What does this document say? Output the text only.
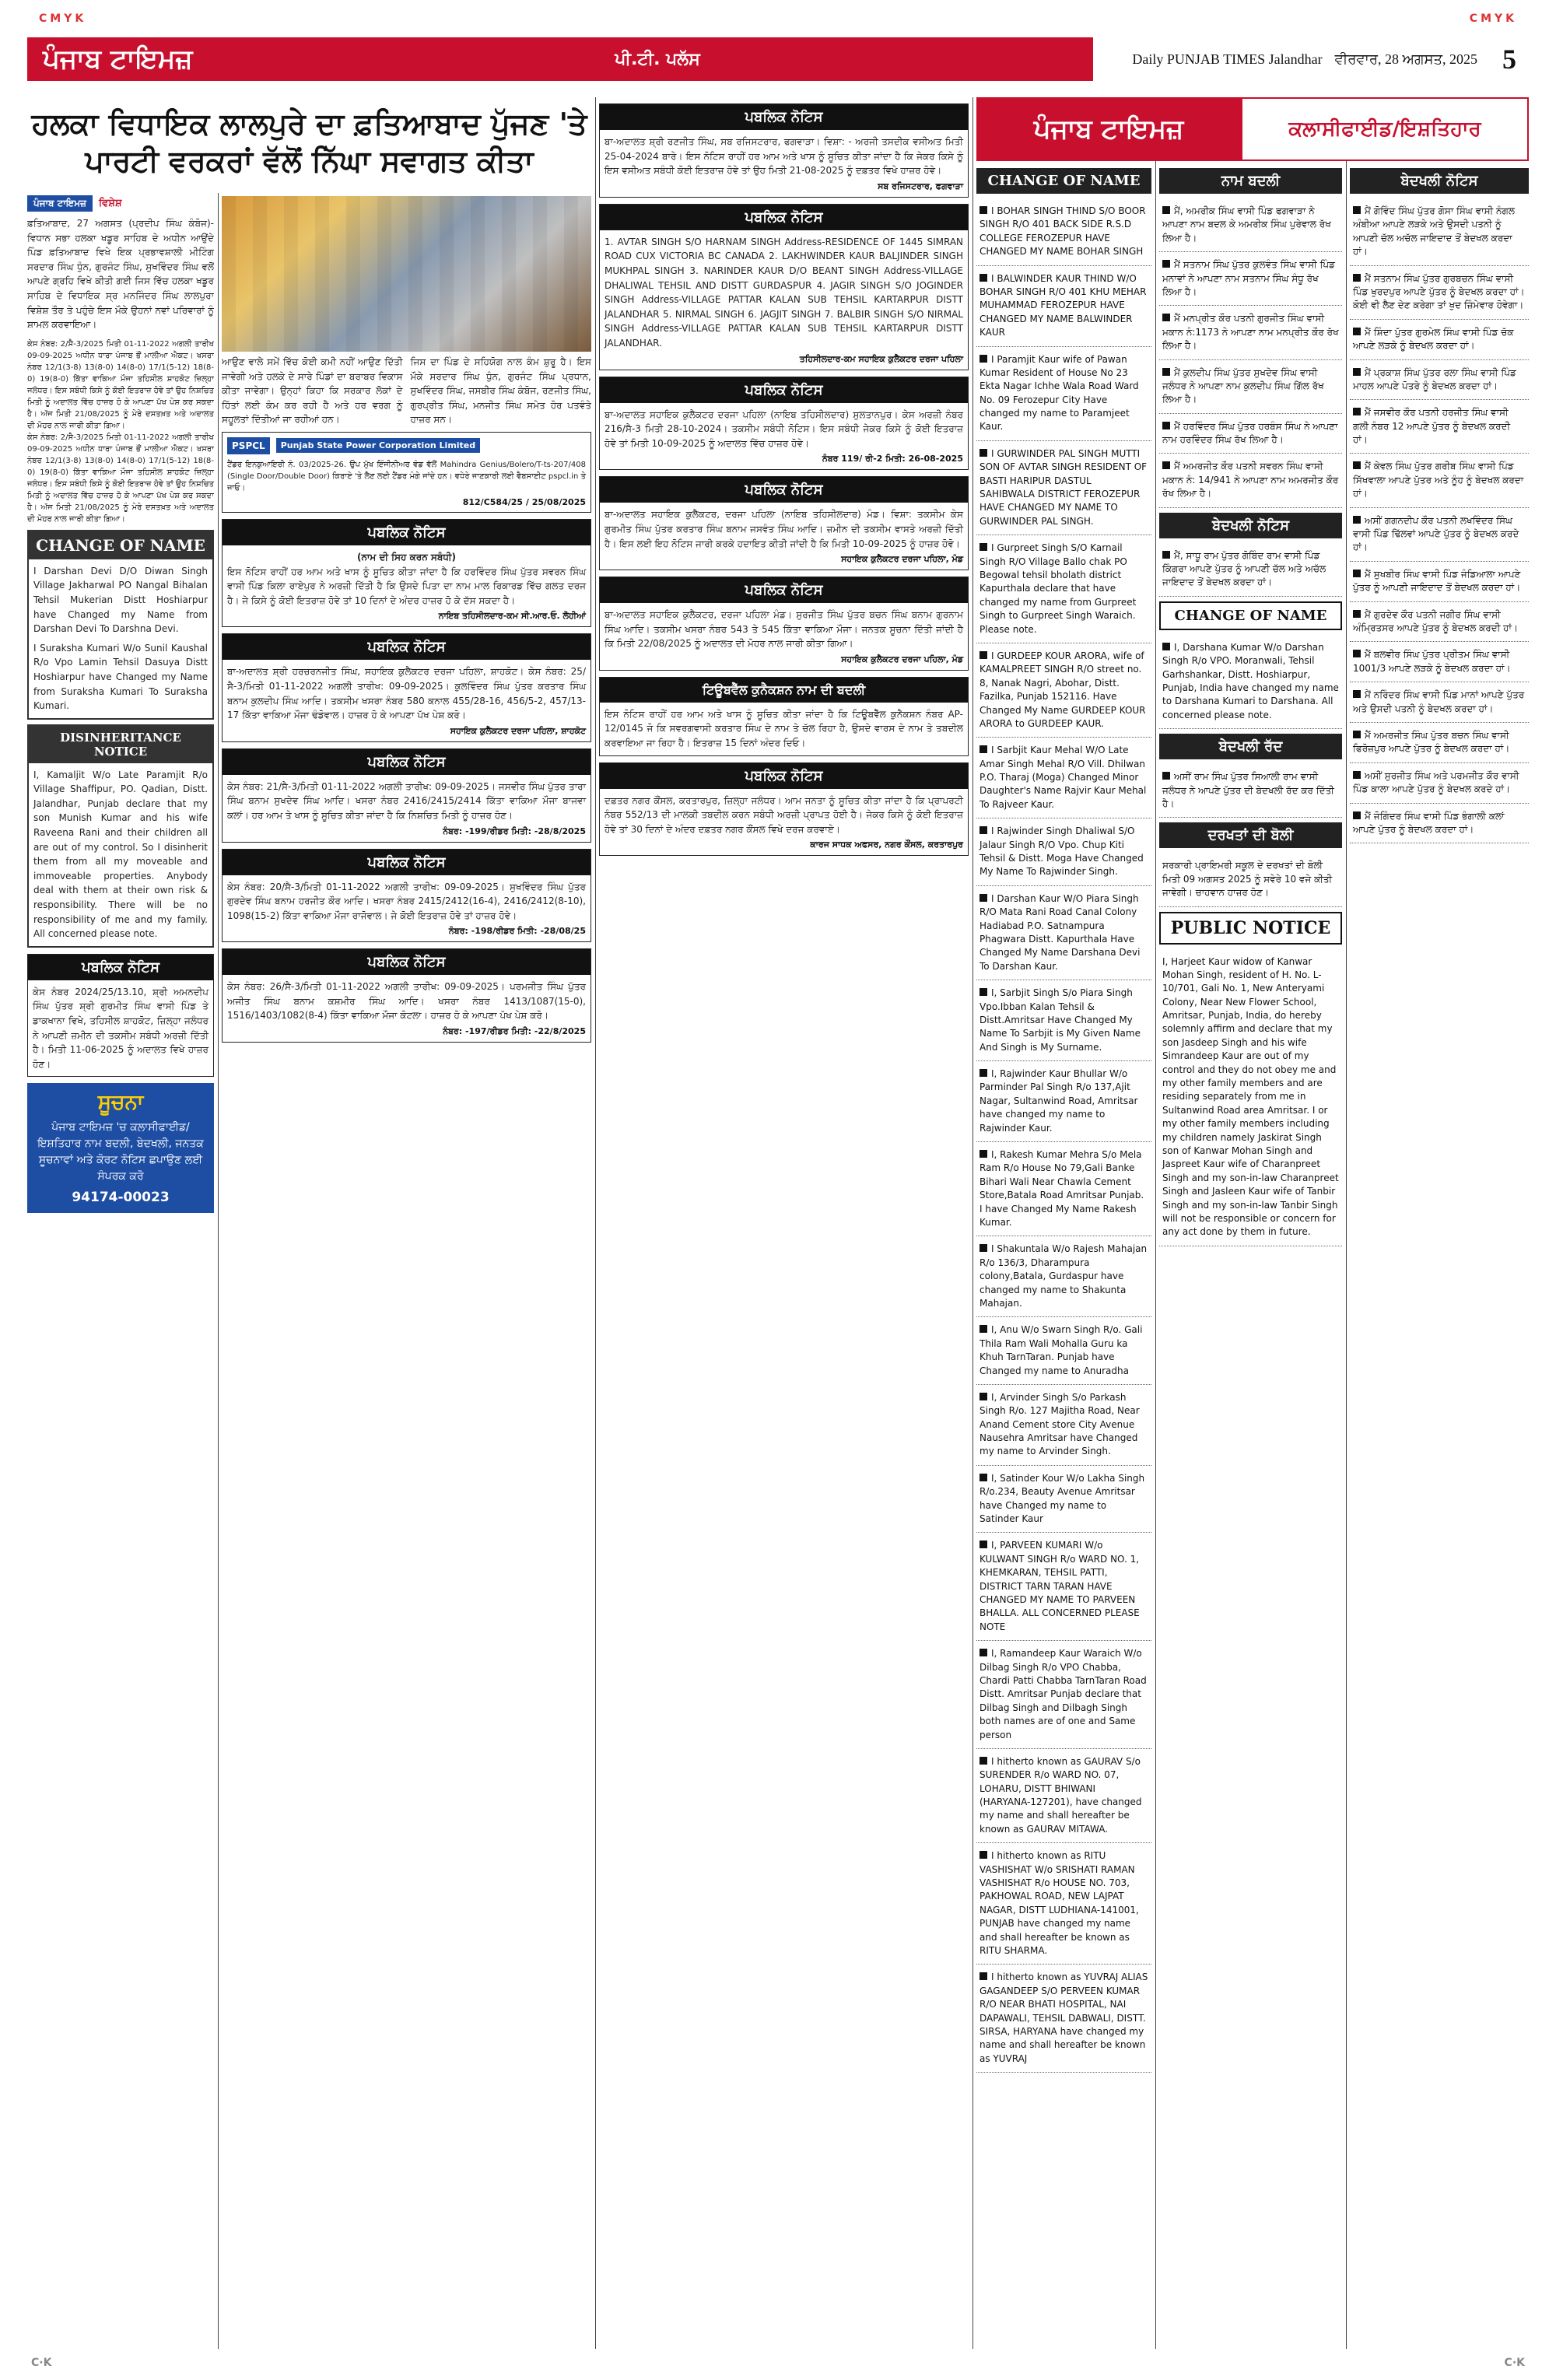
CMYK	CMYK
ਪੰਜਾਬ ਟਾਇਮਜ਼	ਪੀ.ਟੀ. ਪਲੱਸ	Daily PUNJAB TIMES Jalandhar ਵੀਰਵਾਰ, 28 ਅਗਸਤ, 2025 5
ਹਲਕਾ ਵਿਧਾਇਕ ਲਾਲਪੁਰੇ ਦਾ ਫ਼ਤਿਆਬਾਦ ਪੁੱਜਣ 'ਤੇ ਪਾਰਟੀ ਵਰਕਰਾਂ ਵੱਲੋਂ ਨਿੱਘਾ ਸਵਾਗਤ ਕੀਤਾ
ਪੰਜਾਬ ਟਾਇਮਜ਼	ਵਿਸ਼ੇਸ਼

ਫ਼ਤਿਆਬਾਦ, 27 ਅਗਸਤ (ਪ੍ਰਦੀਪ ਸਿੰਘ ਕੰਬੋਜ)- ਵਿਧਾਨ ਸਭਾ ਹਲਕਾ ਖਡੂਰ ਸਾਹਿਬ ਦੇ ਅਧੀਨ ਆਉਂਦੇ ਪਿੰਡ ਫ਼ਤਿਆਬਾਦ ਵਿਖੇ ਇਕ ਪ੍ਰਭਾਵਸ਼ਾਲੀ ਮੀਟਿੰਗ ਸਰਦਾਰ ਸਿੰਘ ਧੁੰਨ, ਗੁਰਜੰਟ ਸਿੰਘ, ਸੁਖਵਿੰਦਰ ਸਿੰਘ ਵਲੋਂ ਆਪਣੇ ਗ੍ਰਹਿ ਵਿਖੇ ਕੀਤੀ ਗਈ ਜਿਸ ਵਿੱਚ ਹਲਕਾ ਖਡੂਰ ਸਾਹਿਬ ਦੇ ਵਿਧਾਇਕ ਸ੍ਰ ਮਨਜਿੰਦਰ ਸਿੰਘ ਲਾਲਪੁਰਾ ਵਿਸ਼ੇਸ਼ ਤੌਰ ਤੇ ਪਹੁੰਚੇ ਇਸ ਮੌਕੇ ਉਹਨਾਂ ਨਵਾਂ ਪਰਿਵਾਰਾਂ ਨੂੰ ਸ਼ਾਮਲ ਕਰਵਾਇਆ।

ਕੇਸ ਨੰਬਰ: 2/ਸੈ-3/2025 ਮਿਤੀ 01-11-2022 ਅਗਲੀ ਤਾਰੀਖ 09-09-2025 ਅਧੀਨ ਧਾਰਾ ਪੰਜਾਬ ਭੌਂ ਮਾਲੀਆ ਐਕਟ। ਖਸਰਾ ਨੰਬਰ 12/1(3-8) 13(8-0) 14(8-0) 17/1(5-12) 18(8-0) 19(8-0) ਕਿੱਤਾ ਵਾਕਿਆ ਮੌਜਾ ਤਹਿਸੀਲ ਸ਼ਾਹਕੋਟ ਜ਼ਿਲ੍ਹਾ ਜਲੰਧਰ। ਇਸ ਸਬੰਧੀ ਕਿਸੇ ਨੂੰ ਕੋਈ ਇਤਰਾਜ਼ ਹੋਵੇ ਤਾਂ ਉਹ ਨਿਸ਼ਚਿਤ ਮਿਤੀ ਨੂੰ ਅਦਾਲਤ ਵਿੱਚ ਹਾਜ਼ਰ ਹੋ ਕੇ ਆਪਣਾ ਪੱਖ ਪੇਸ਼ ਕਰ ਸਕਦਾ ਹੈ। ਅੱਜ ਮਿਤੀ 21/08/2025 ਨੂੰ ਮੇਰੇ ਦਸਤਖ਼ਤ ਅਤੇ ਅਦਾਲਤ ਦੀ ਮੋਹਰ ਨਾਲ ਜਾਰੀ ਕੀਤਾ ਗਿਆ।

ਕੇਸ ਨੰਬਰ: 2/ਸੈ-3/2025 ਮਿਤੀ 01-11-2022 ਅਗਲੀ ਤਾਰੀਖ 09-09-2025 ਅਧੀਨ ਧਾਰਾ ਪੰਜਾਬ ਭੌਂ ਮਾਲੀਆ ਐਕਟ। ਖਸਰਾ ਨੰਬਰ 12/1(3-8) 13(8-0) 14(8-0) 17/1(5-12) 18(8-0) 19(8-0) ਕਿੱਤਾ ਵਾਕਿਆ ਮੌਜਾ ਤਹਿਸੀਲ ਸ਼ਾਹਕੋਟ ਜ਼ਿਲ੍ਹਾ ਜਲੰਧਰ। ਇਸ ਸਬੰਧੀ ਕਿਸੇ ਨੂੰ ਕੋਈ ਇਤਰਾਜ਼ ਹੋਵੇ ਤਾਂ ਉਹ ਨਿਸ਼ਚਿਤ ਮਿਤੀ ਨੂੰ ਅਦਾਲਤ ਵਿੱਚ ਹਾਜ਼ਰ ਹੋ ਕੇ ਆਪਣਾ ਪੱਖ ਪੇਸ਼ ਕਰ ਸਕਦਾ ਹੈ। ਅੱਜ ਮਿਤੀ 21/08/2025 ਨੂੰ ਮੇਰੇ ਦਸਤਖ਼ਤ ਅਤੇ ਅਦਾਲਤ ਦੀ ਮੋਹਰ ਨਾਲ ਜਾਰੀ ਕੀਤਾ ਗਿਆ।

CHANGE OF NAME

I Darshan Devi D/O Diwan Singh Village Jakharwal PO Nangal Bihalan Tehsil Mukerian Distt Hoshiarpur have Changed my Name from Darshan Devi To Darshna Devi.

I Suraksha Kumari W/o Sunil Kaushal R/o Vpo Lamin Tehsil Dasuya Distt Hoshiarpur have Changed my Name from Suraksha Kumari To Suraksha Kumari.

DISINHERITANCE NOTICE

I, Kamaljit W/o Late Paramjit R/o Village Shaffipur, PO. Qadian, Distt. Jalandhar, Punjab declare that my son Munish Kumar and his wife Raveena Rani and their children all are out of my control. So I disinherit them from all my moveable and immoveable properties. Anybody deal with them at their own risk & responsibility. There will be no responsibility of me and my family. All concerned please note.

ਪਬਲਿਕ ਨੋਟਿਸ

ਕੇਸ ਨੰਬਰ 2024/25/13.10, ਸ਼੍ਰੀ ਅਮਨਦੀਪ ਸਿੰਘ ਪੁੱਤਰ ਸ਼੍ਰੀ ਗੁਰਮੀਤ ਸਿੰਘ ਵਾਸੀ ਪਿੰਡ ਤੇ ਡਾਕਖਾਨਾ ਵਿਖੇ, ਤਹਿਸੀਲ ਸ਼ਾਹਕੋਟ, ਜ਼ਿਲ੍ਹਾ ਜਲੰਧਰ ਨੇ ਆਪਣੀ ਜ਼ਮੀਨ ਦੀ ਤਕਸੀਮ ਸਬੰਧੀ ਅਰਜ਼ੀ ਦਿੱਤੀ ਹੈ। ਮਿਤੀ 11-06-2025 ਨੂੰ ਅਦਾਲਤ ਵਿਖੇ ਹਾਜ਼ਰ ਹੋਣ।

ਸੂਚਨਾ
ਪੰਜਾਬ ਟਾਇਮਜ਼ 'ਚ ਕਲਾਸੀਫਾਈਡ/ਇਸ਼ਤਿਹਾਰ ਨਾਮ ਬਦਲੀ, ਬੇਦਖਲੀ, ਜਨਤਕ ਸੂਚਨਾਵਾਂ ਅਤੇ ਕੋਰਟ ਨੋਟਿਸ ਛਪਾਉਣ ਲਈ ਸੰਪਰਕ ਕਰੋ
94174-00023

ਆਉਣ ਵਾਲੇ ਸਮੇਂ ਵਿੱਚ ਕੋਈ ਕਮੀ ਨਹੀਂ ਆਉਣ ਦਿੱਤੀ ਜਾਵੇਗੀ ਅਤੇ ਹਲਕੇ ਦੇ ਸਾਰੇ ਪਿੰਡਾਂ ਦਾ ਬਰਾਬਰ ਵਿਕਾਸ ਕੀਤਾ ਜਾਵੇਗਾ। ਉਨ੍ਹਾਂ ਕਿਹਾ ਕਿ ਸਰਕਾਰ ਲੋਕਾਂ ਦੇ ਹਿੱਤਾਂ ਲਈ ਕੰਮ ਕਰ ਰਹੀ ਹੈ ਅਤੇ ਹਰ ਵਰਗ ਨੂੰ ਸਹੂਲਤਾਂ ਦਿੱਤੀਆਂ ਜਾ ਰਹੀਆਂ ਹਨ।

ਜਿਸ ਦਾ ਪਿੰਡ ਦੇ ਸਹਿਯੋਗ ਨਾਲ ਕੰਮ ਸ਼ੁਰੂ ਹੈ। ਇਸ ਮੌਕੇ ਸਰਦਾਰ ਸਿੰਘ ਧੁੰਨ, ਗੁਰਜੰਟ ਸਿੰਘ ਪ੍ਰਧਾਨ, ਸੁਖਵਿੰਦਰ ਸਿੰਘ, ਜਸਬੀਰ ਸਿੰਘ ਕੰਬੋਜ, ਰਣਜੀਤ ਸਿੰਘ, ਗੁਰਪ੍ਰੀਤ ਸਿੰਘ, ਮਨਜੀਤ ਸਿੰਘ ਸਮੇਤ ਹੋਰ ਪਤਵੰਤੇ ਹਾਜ਼ਰ ਸਨ।

PSPCL	Punjab State Power Corporation Limited

ਟੈਂਡਰ ਇਨਕੁਆਇਰੀ ਨੰ. 03/2025-26. ਉਪ ਮੁੱਖ ਇੰਜੀਨੀਅਰ ਵੰਡ ਵੱਲੋਂ Mahindra Genius/Bolero/T-ts-207/408 (Single Door/Double Door) ਕਿਰਾਏ 'ਤੇ ਲੈਣ ਲਈ ਟੈਂਡਰ ਮੰਗੇ ਜਾਂਦੇ ਹਨ। ਵਧੇਰੇ ਜਾਣਕਾਰੀ ਲਈ ਵੈਬਸਾਈਟ pspcl.in ਤੇ ਜਾਓ।

812/C584/25 / 25/08/2025

ਪਬਲਿਕ ਨੋਟਿਸ

(ਨਾਮ ਦੀ ਸਿਹ ਕਰਨ ਸਬੰਧੀ)

ਇਸ ਨੋਟਿਸ ਰਾਹੀਂ ਹਰ ਆਮ ਅਤੇ ਖਾਸ ਨੂੰ ਸੂਚਿਤ ਕੀਤਾ ਜਾਂਦਾ ਹੈ ਕਿ ਹਰਵਿੰਦਰ ਸਿੰਘ ਪੁੱਤਰ ਸਵਰਨ ਸਿੰਘ ਵਾਸੀ ਪਿੰਡ ਕਿਲਾ ਰਾਏਪੁਰ ਨੇ ਅਰਜ਼ੀ ਦਿੱਤੀ ਹੈ ਕਿ ਉਸਦੇ ਪਿਤਾ ਦਾ ਨਾਮ ਮਾਲ ਰਿਕਾਰਡ ਵਿੱਚ ਗਲਤ ਦਰਜ ਹੈ। ਜੇ ਕਿਸੇ ਨੂੰ ਕੋਈ ਇਤਰਾਜ਼ ਹੋਵੇ ਤਾਂ 10 ਦਿਨਾਂ ਦੇ ਅੰਦਰ ਹਾਜ਼ਰ ਹੋ ਕੇ ਦੱਸ ਸਕਦਾ ਹੈ।

ਨਾਇਬ ਤਹਿਸੀਲਦਾਰ-ਕਮ ਸੀ.ਆਰ.ਓ. ਲੋਹੀਆਂ

ਪਬਲਿਕ ਨੋਟਿਸ

ਬਾ-ਅਦਾਲਤ ਸ਼੍ਰੀ ਹਰਚਰਨਜੀਤ ਸਿੰਘ, ਸਹਾਇਕ ਕੁਲੈਕਟਰ ਦਰਜਾ ਪਹਿਲਾ, ਸ਼ਾਹਕੋਟ। ਕੇਸ ਨੰਬਰ: 25/ਸੈ-3/ਮਿਤੀ 01-11-2022 ਅਗਲੀ ਤਾਰੀਖ: 09-09-2025। ਕੁਲਵਿੰਦਰ ਸਿੰਘ ਪੁੱਤਰ ਕਰਤਾਰ ਸਿੰਘ ਬਨਾਮ ਕੁਲਦੀਪ ਸਿੰਘ ਆਦਿ। ਤਕਸੀਮ ਖਸਰਾ ਨੰਬਰ 580 ਕਨਾਲ 455/28-16, 456/5-2, 457/13-17 ਕਿੱਤਾ ਵਾਕਿਆ ਮੌਜਾ ਢੰਡੋਵਾਲ। ਹਾਜ਼ਰ ਹੋ ਕੇ ਆਪਣਾ ਪੱਖ ਪੇਸ਼ ਕਰੋ।

ਸਹਾਇਕ ਕੁਲੈਕਟਰ ਦਰਜਾ ਪਹਿਲਾ, ਸ਼ਾਹਕੋਟ

ਪਬਲਿਕ ਨੋਟਿਸ

ਕੇਸ ਨੰਬਰ: 21/ਸੈ-3/ਮਿਤੀ 01-11-2022 ਅਗਲੀ ਤਾਰੀਖ: 09-09-2025। ਜਸਵੀਰ ਸਿੰਘ ਪੁੱਤਰ ਤਾਰਾ ਸਿੰਘ ਬਨਾਮ ਸੁਖਦੇਵ ਸਿੰਘ ਆਦਿ। ਖਸਰਾ ਨੰਬਰ 2416/2415/2414 ਕਿੱਤਾ ਵਾਕਿਆ ਮੌਜਾ ਬਾਜਵਾ ਕਲਾਂ। ਹਰ ਆਮ ਤੇ ਖਾਸ ਨੂੰ ਸੂਚਿਤ ਕੀਤਾ ਜਾਂਦਾ ਹੈ ਕਿ ਨਿਸ਼ਚਿਤ ਮਿਤੀ ਨੂੰ ਹਾਜ਼ਰ ਹੋਣ।

ਨੰਬਰ: -199/ਰੀਡਰ ਮਿਤੀ: -28/8/2025

ਪਬਲਿਕ ਨੋਟਿਸ

ਕੇਸ ਨੰਬਰ: 20/ਸੈ-3/ਮਿਤੀ 01-11-2022 ਅਗਲੀ ਤਾਰੀਖ: 09-09-2025। ਸੁਖਵਿੰਦਰ ਸਿੰਘ ਪੁੱਤਰ ਗੁਰਦੇਵ ਸਿੰਘ ਬਨਾਮ ਹਰਜੀਤ ਕੌਰ ਆਦਿ। ਖਸਰਾ ਨੰਬਰ 2415/2412(16-4), 2416/2412(8-10), 1098(15-2) ਕਿੱਤਾ ਵਾਕਿਆ ਮੌਜਾ ਰਾਜੋਵਾਲ। ਜੇ ਕੋਈ ਇਤਰਾਜ਼ ਹੋਵੇ ਤਾਂ ਹਾਜ਼ਰ ਹੋਵੇ।

ਨੰਬਰ: -198/ਰੀਡਰ ਮਿਤੀ: -28/08/25

ਪਬਲਿਕ ਨੋਟਿਸ

ਕੇਸ ਨੰਬਰ: 26/ਸੈ-3/ਮਿਤੀ 01-11-2022 ਅਗਲੀ ਤਾਰੀਖ: 09-09-2025। ਪਰਮਜੀਤ ਸਿੰਘ ਪੁੱਤਰ ਅਜੀਤ ਸਿੰਘ ਬਨਾਮ ਕਸ਼ਮੀਰ ਸਿੰਘ ਆਦਿ। ਖਸਰਾ ਨੰਬਰ 1413/1087(15-0), 1516/1403/1082(8-4) ਕਿੱਤਾ ਵਾਕਿਆ ਮੌਜਾ ਕੋਟਲਾ। ਹਾਜ਼ਰ ਹੋ ਕੇ ਆਪਣਾ ਪੱਖ ਪੇਸ਼ ਕਰੋ।

ਨੰਬਰ: -197/ਰੀਡਰ ਮਿਤੀ: -22/8/2025

ਪਬਲਿਕ ਨੋਟਿਸ

ਬਾ-ਅਦਾਲਤ ਸ਼੍ਰੀ ਰਣਜੀਤ ਸਿੰਘ, ਸਬ ਰਜਿਸਟਰਾਰ, ਫਗਵਾੜਾ। ਵਿਸ਼ਾ: - ਅਰਜੀ ਤਸਦੀਕ ਵਸੀਅਤ ਮਿਤੀ 25-04-2024 ਬਾਰੇ। ਇਸ ਨੋਟਿਸ ਰਾਹੀਂ ਹਰ ਆਮ ਅਤੇ ਖਾਸ ਨੂੰ ਸੂਚਿਤ ਕੀਤਾ ਜਾਂਦਾ ਹੈ ਕਿ ਜੇਕਰ ਕਿਸੇ ਨੂੰ ਇਸ ਵਸੀਅਤ ਸਬੰਧੀ ਕੋਈ ਇਤਰਾਜ਼ ਹੋਵੇ ਤਾਂ ਉਹ ਮਿਤੀ 21-08-2025 ਨੂੰ ਦਫ਼ਤਰ ਵਿਖੇ ਹਾਜ਼ਰ ਹੋਵੇ।

ਸਬ ਰਜਿਸਟਰਾਰ, ਫਗਵਾੜਾ

ਪਬਲਿਕ ਨੋਟਿਸ

1. AVTAR SINGH S/O HARNAM SINGH Address-RESIDENCE OF 1445 SIMRAN ROAD CUX VICTORIA BC CANADA 2. LAKHWINDER KAUR BALJINDER SINGH MUKHPAL SINGH 3. NARINDER KAUR D/O BEANT SINGH Address-VILLAGE DHALIWAL TEHSIL AND DISTT GURDASPUR 4. JAGIR SINGH S/O JOGINDER SINGH Address-VILLAGE PATTAR KALAN SUB TEHSIL KARTARPUR DISTT JALANDHAR 5. NIRMAL SINGH 6. JAGJIT SINGH 7. BALBIR SINGH S/O NIRMAL SINGH Address-VILLAGE PATTAR KALAN SUB TEHSIL KARTARPUR DISTT JALANDHAR.

ਤਹਿਸੀਲਦਾਰ-ਕਮ ਸਹਾਇਕ ਕੁਲੈਕਟਰ ਦਰਜਾ ਪਹਿਲਾ

ਪਬਲਿਕ ਨੋਟਿਸ

ਬਾ-ਅਦਾਲਤ ਸਹਾਇਕ ਕੁਲੈਕਟਰ ਦਰਜਾ ਪਹਿਲਾ (ਨਾਇਬ ਤਹਿਸੀਲਦਾਰ) ਸੁਲਤਾਨਪੁਰ। ਕੇਸ ਅਰਜ਼ੀ ਨੰਬਰ 216/ਸੈ-3 ਮਿਤੀ 28-10-2024। ਤਕਸੀਮ ਸਬੰਧੀ ਨੋਟਿਸ। ਇਸ ਸਬੰਧੀ ਜੇਕਰ ਕਿਸੇ ਨੂੰ ਕੋਈ ਇਤਰਾਜ਼ ਹੋਵੇ ਤਾਂ ਮਿਤੀ 10-09-2025 ਨੂੰ ਅਦਾਲਤ ਵਿੱਚ ਹਾਜ਼ਰ ਹੋਵੇ।

ਨੰਬਰ 119/ ਰੀ-2 ਮਿਤੀ: 26-08-2025

ਪਬਲਿਕ ਨੋਟਿਸ

ਬਾ-ਅਦਾਲਤ ਸਹਾਇਕ ਕੁਲੈਕਟਰ, ਦਰਜਾ ਪਹਿਲਾ (ਨਾਇਬ ਤਹਿਸੀਲਦਾਰ) ਮੰਡ। ਵਿਸ਼ਾ: ਤਕਸੀਮ ਕੇਸ ਗੁਰਮੀਤ ਸਿੰਘ ਪੁੱਤਰ ਕਰਤਾਰ ਸਿੰਘ ਬਨਾਮ ਜਸਵੰਤ ਸਿੰਘ ਆਦਿ। ਜ਼ਮੀਨ ਦੀ ਤਕਸੀਮ ਵਾਸਤੇ ਅਰਜ਼ੀ ਦਿੱਤੀ ਹੈ। ਇਸ ਲਈ ਇਹ ਨੋਟਿਸ ਜਾਰੀ ਕਰਕੇ ਹਦਾਇਤ ਕੀਤੀ ਜਾਂਦੀ ਹੈ ਕਿ ਮਿਤੀ 10-09-2025 ਨੂੰ ਹਾਜ਼ਰ ਹੋਵੋ।

ਸਹਾਇਕ ਕੁਲੈਕਟਰ ਦਰਜਾ ਪਹਿਲਾ, ਮੰਡ

ਪਬਲਿਕ ਨੋਟਿਸ

ਬਾ-ਅਦਾਲਤ ਸਹਾਇਕ ਕੁਲੈਕਟਰ, ਦਰਜਾ ਪਹਿਲਾ ਮੰਡ। ਸੁਰਜੀਤ ਸਿੰਘ ਪੁੱਤਰ ਬਚਨ ਸਿੰਘ ਬਨਾਮ ਗੁਰਨਾਮ ਸਿੰਘ ਆਦਿ। ਤਕਸੀਮ ਖਸਰਾ ਨੰਬਰ 543 ਤੇ 545 ਕਿੱਤਾ ਵਾਕਿਆ ਮੌਜਾ। ਜਨਤਕ ਸੂਚਨਾ ਦਿੱਤੀ ਜਾਂਦੀ ਹੈ ਕਿ ਮਿਤੀ 22/08/2025 ਨੂੰ ਅਦਾਲਤ ਦੀ ਮੋਹਰ ਨਾਲ ਜਾਰੀ ਕੀਤਾ ਗਿਆ।

ਸਹਾਇਕ ਕੁਲੈਕਟਰ ਦਰਜਾ ਪਹਿਲਾ, ਮੰਡ

ਟਿਊਬਵੈੱਲ ਕੁਨੈਕਸ਼ਨ ਨਾਮ ਦੀ ਬਦਲੀ

ਇਸ ਨੋਟਿਸ ਰਾਹੀਂ ਹਰ ਆਮ ਅਤੇ ਖਾਸ ਨੂੰ ਸੂਚਿਤ ਕੀਤਾ ਜਾਂਦਾ ਹੈ ਕਿ ਟਿਊਬਵੈੱਲ ਕੁਨੈਕਸ਼ਨ ਨੰਬਰ AP-12/0145 ਜੋ ਕਿ ਸਵਰਗਵਾਸੀ ਕਰਤਾਰ ਸਿੰਘ ਦੇ ਨਾਮ ਤੇ ਚੱਲ ਰਿਹਾ ਹੈ, ਉਸਦੇ ਵਾਰਸ ਦੇ ਨਾਮ ਤੇ ਤਬਦੀਲ ਕਰਵਾਇਆ ਜਾ ਰਿਹਾ ਹੈ। ਇਤਰਾਜ਼ 15 ਦਿਨਾਂ ਅੰਦਰ ਦਿਓ।

ਪਬਲਿਕ ਨੋਟਿਸ

ਦਫ਼ਤਰ ਨਗਰ ਕੌਂਸਲ, ਕਰਤਾਰਪੁਰ, ਜ਼ਿਲ੍ਹਾ ਜਲੰਧਰ। ਆਮ ਜਨਤਾ ਨੂੰ ਸੂਚਿਤ ਕੀਤਾ ਜਾਂਦਾ ਹੈ ਕਿ ਪ੍ਰਾਪਰਟੀ ਨੰਬਰ 552/13 ਦੀ ਮਾਲਕੀ ਤਬਦੀਲ ਕਰਨ ਸਬੰਧੀ ਅਰਜ਼ੀ ਪ੍ਰਾਪਤ ਹੋਈ ਹੈ। ਜੇਕਰ ਕਿਸੇ ਨੂੰ ਕੋਈ ਇਤਰਾਜ਼ ਹੋਵੇ ਤਾਂ 30 ਦਿਨਾਂ ਦੇ ਅੰਦਰ ਦਫ਼ਤਰ ਨਗਰ ਕੌਂਸਲ ਵਿਖੇ ਦਰਜ ਕਰਵਾਏ।

ਕਾਰਜ ਸਾਧਕ ਅਫਸਰ, ਨਗਰ ਕੌਂਸਲ, ਕਰਤਾਰਪੁਰ

ਪੰਜਾਬ ਟਾਇਮਜ਼	ਕਲਾਸੀਫਾਈਡ/ਇਸ਼ਤਿਹਾਰ
CHANGE OF NAME
I BOHAR SINGH THIND S/O BOOR SINGH R/O 401 BACK SIDE R.S.D COLLEGE FEROZEPUR HAVE CHANGED MY NAME BOHAR SINGH
I BALWINDER KAUR THIND W/O BOHAR SINGH R/O 401 KHU MEHAR MUHAMMAD FEROZEPUR HAVE CHANGED MY NAME BALWINDER KAUR
I Paramjit Kaur wife of Pawan Kumar Resident of House No 23 Ekta Nagar Ichhe Wala Road Ward No. 09 Ferozepur City Have changed my name to Paramjeet Kaur.
I GURWINDER PAL SINGH MUTTI SON OF AVTAR SINGH RESIDENT OF BASTI HARIPUR DASTUL SAHIBWALA DISTRICT FEROZEPUR HAVE CHANGED MY NAME TO GURWINDER PAL SINGH.
I Gurpreet Singh S/O Karnail Singh R/O Village Ballo chak PO Begowal tehsil bholath district Kapurthala declare that have changed my name from Gurpreet Singh to Gurpreet Singh Waraich. Please note.
I GURDEEP KOUR ARORA, wife of KAMALPREET SINGH R/O street no. 8, Nanak Nagri, Abohar, Distt. Fazilka, Punjab 152116. Have Changed My Name GURDEEP KOUR ARORA to GURDEEP KAUR.
I Sarbjit Kaur Mehal W/O Late Amar Singh Mehal R/O Vill. Dhilwan P.O. Tharaj (Moga) Changed Minor Daughter's Name Rajvir Kaur Mehal To Rajveer Kaur.
I Rajwinder Singh Dhaliwal S/O Jalaur Singh R/O Vpo. Chup Kiti Tehsil & Distt. Moga Have Changed My Name To Rajwinder Singh.
I Darshan Kaur W/O Piara Singh R/O Mata Rani Road Canal Colony Hadiabad P.O. Satnampura Phagwara Distt. Kapurthala Have Changed My Name Darshana Devi To Darshan Kaur.
I, Sarbjit Singh S/o Piara Singh Vpo.Ibban Kalan Tehsil & Distt.Amritsar Have Changed My Name To Sarbjit is My Given Name And Singh is My Surname.
I, Rajwinder Kaur Bhullar W/o Parminder Pal Singh R/o 137,Ajit Nagar, Sultanwind Road, Amritsar have changed my name to Rajwinder Kaur.
I, Rakesh Kumar Mehra S/o Mela Ram R/o House No 79,Gali Banke Bihari Wali Near Chawla Cement Store,Batala Road Amritsar Punjab. I have Changed My Name Rakesh Kumar.
I Shakuntala W/o Rajesh Mahajan R/o 136/3, Dharampura colony,Batala, Gurdaspur have changed my name to Shakunta Mahajan.
I, Anu W/o Swarn Singh R/o. Gali Thila Ram Wali Mohalla Guru ka Khuh TarnTaran. Punjab have Changed my name to Anuradha
I, Arvinder Singh S/o Parkash Singh R/o. 127 Majitha Road, Near Anand Cement store City Avenue Nausehra Amritsar have Changed my name to Arvinder Singh.
I, Satinder Kour W/o Lakha Singh R/o.234, Beauty Avenue Amritsar have Changed my name to Satinder Kaur
I, PARVEEN KUMARI W/o KULWANT SINGH R/o WARD NO. 1, KHEMKARAN, TEHSIL PATTI, DISTRICT TARN TARAN HAVE CHANGED MY NAME TO PARVEEN BHALLA. ALL CONCERNED PLEASE NOTE
I, Ramandeep Kaur Waraich W/o Dilbag Singh R/o VPO Chabba, Chardi Patti Chabba TarnTaran Road Distt. Amritsar Punjab declare that Dilbag Singh and Dilbagh Singh both names are of one and Same person
I hitherto known as GAURAV S/o SURENDER R/o WARD NO. 07, LOHARU, DISTT BHIWANI (HARYANA-127201), have changed my name and shall hereafter be known as GAURAV MITAWA.
I hitherto known as RITU VASHISHAT W/o SRISHATI RAMAN VASHISHAT R/o HOUSE NO. 703, PAKHOWAL ROAD, NEW LAJPAT NAGAR, DISTT LUDHIANA-141001, PUNJAB have changed my name and shall hereafter be known as RITU SHARMA.
I hitherto known as YUVRAJ ALIAS GAGANDEEP S/O PERVEEN KUMAR R/O NEAR BHATI HOSPITAL, NAI DAPAWALI, TEHSIL DABWALI, DISTT. SIRSA, HARYANA have changed my name and shall hereafter be known as YUVRAJ
ਨਾਮ ਬਦਲੀ
ਮੈਂ, ਅਮਰੀਕ ਸਿੰਘ ਵਾਸੀ ਪਿੰਡ ਫਗਵਾੜਾ ਨੇ ਆਪਣਾ ਨਾਮ ਬਦਲ ਕੇ ਅਮਰੀਕ ਸਿੰਘ ਪੁਰੇਵਾਲ ਰੱਖ ਲਿਆ ਹੈ।
ਮੈਂ ਸਤਨਾਮ ਸਿੰਘ ਪੁੱਤਰ ਕੁਲਵੰਤ ਸਿੰਘ ਵਾਸੀ ਪਿੰਡ ਮਨਾਵਾਂ ਨੇ ਆਪਣਾ ਨਾਮ ਸਤਨਾਮ ਸਿੰਘ ਸੰਧੂ ਰੱਖ ਲਿਆ ਹੈ।
ਮੈਂ ਮਨਪ੍ਰੀਤ ਕੌਰ ਪਤਨੀ ਗੁਰਜੀਤ ਸਿੰਘ ਵਾਸੀ ਮਕਾਨ ਨੰ:1173 ਨੇ ਆਪਣਾ ਨਾਮ ਮਨਪ੍ਰੀਤ ਕੌਰ ਰੱਖ ਲਿਆ ਹੈ।
ਮੈਂ ਕੁਲਦੀਪ ਸਿੰਘ ਪੁੱਤਰ ਸੁਖਦੇਵ ਸਿੰਘ ਵਾਸੀ ਜਲੰਧਰ ਨੇ ਆਪਣਾ ਨਾਮ ਕੁਲਦੀਪ ਸਿੰਘ ਗਿੱਲ ਰੱਖ ਲਿਆ ਹੈ।
ਮੈਂ ਹਰਵਿੰਦਰ ਸਿੰਘ ਪੁੱਤਰ ਹਰਬੰਸ ਸਿੰਘ ਨੇ ਆਪਣਾ ਨਾਮ ਹਰਵਿੰਦਰ ਸਿੰਘ ਰੱਖ ਲਿਆ ਹੈ।
ਮੈਂ ਅਮਰਜੀਤ ਕੌਰ ਪਤਨੀ ਸਵਰਨ ਸਿੰਘ ਵਾਸੀ ਮਕਾਨ ਨੰ: 14/941 ਨੇ ਆਪਣਾ ਨਾਮ ਅਮਰਜੀਤ ਕੌਰ ਰੱਖ ਲਿਆ ਹੈ।
ਬੇਦਖਲੀ ਨੋਟਿਸ
ਮੈਂ, ਸਾਧੂ ਰਾਮ ਪੁੱਤਰ ਗੋਬਿੰਦ ਰਾਮ ਵਾਸੀ ਪਿੰਡ ਕਿੰਗਰਾ ਆਪਣੇ ਪੁੱਤਰ ਨੂੰ ਆਪਣੀ ਚੱਲ ਅਤੇ ਅਚੱਲ ਜਾਇਦਾਦ ਤੋਂ ਬੇਦਖਲ ਕਰਦਾ ਹਾਂ।
CHANGE OF NAME
I, Darshana Kumar W/o Darshan Singh R/o VPO. Moranwali, Tehsil Garhshankar, Distt. Hoshiarpur, Punjab, India have changed my name to Darshana Kumari to Darshana. All concerned please note.
ਬੇਦਖਲੀ ਰੱਦ
ਅਸੀਂ ਰਾਮ ਸਿੰਘ ਪੁੱਤਰ ਸਿਆਲੀ ਰਾਮ ਵਾਸੀ ਜਲੰਧਰ ਨੇ ਆਪਣੇ ਪੁੱਤਰ ਦੀ ਬੇਦਖਲੀ ਰੱਦ ਕਰ ਦਿੱਤੀ ਹੈ।
ਦਰਖਤਾਂ ਦੀ ਬੋਲੀ
ਸਰਕਾਰੀ ਪ੍ਰਾਇਮਰੀ ਸਕੂਲ ਦੇ ਦਰਖਤਾਂ ਦੀ ਬੋਲੀ ਮਿਤੀ 09 ਅਗਸਤ 2025 ਨੂੰ ਸਵੇਰੇ 10 ਵਜੇ ਕੀਤੀ ਜਾਵੇਗੀ। ਚਾਹਵਾਨ ਹਾਜ਼ਰ ਹੋਣ।
PUBLIC NOTICE
I, Harjeet Kaur widow of Kanwar Mohan Singh, resident of H. No. L-10/701, Gali No. 1, New Anteryami Colony, Near New Flower School, Amritsar, Punjab, India, do hereby solemnly affirm and declare that my son Jasdeep Singh and his wife Simrandeep Kaur are out of my control and they do not obey me and my other family members and are residing separately from me in Sultanwind Road area Amritsar. I or my other family members including my children namely Jaskirat Singh son of Kanwar Mohan Singh and Jaspreet Kaur wife of Charanpreet Singh and my son-in-law Charanpreet Singh and Jasleen Kaur wife of Tanbir Singh and my son-in-law Tanbir Singh will not be responsible or concern for any act done by them in future.
ਬੇਦਖਲੀ ਨੋਟਿਸ
ਮੈਂ ਗੋਵਿੰਦ ਸਿੰਘ ਪੁੱਤਰ ਗੋਸਾ ਸਿੰਘ ਵਾਸੀ ਨੰਗਲ ਅੰਬੀਆ ਆਪਣੇ ਲੜਕੇ ਅਤੇ ਉਸਦੀ ਪਤਨੀ ਨੂੰ ਆਪਣੀ ਚੱਲ ਅਚੱਲ ਜਾਇਦਾਦ ਤੋਂ ਬੇਦਖਲ ਕਰਦਾ ਹਾਂ।
ਮੈਂ ਸਤਨਾਮ ਸਿੰਘ ਪੁੱਤਰ ਗੁਰਬਚਨ ਸਿੰਘ ਵਾਸੀ ਪਿੰਡ ਖੁਰਦਪੁਰ ਆਪਣੇ ਪੁੱਤਰ ਨੂੰ ਬੇਦਖਲ ਕਰਦਾ ਹਾਂ। ਕੋਈ ਵੀ ਲੈਣ ਦੇਣ ਕਰੇਗਾ ਤਾਂ ਖੁਦ ਜ਼ਿੰਮੇਵਾਰ ਹੋਵੇਗਾ।
ਮੈਂ ਸ਼ਿੰਦਾ ਪੁੱਤਰ ਗੁਰਮੇਲ ਸਿੰਘ ਵਾਸੀ ਪਿੰਡ ਚੱਕ ਆਪਣੇ ਲੜਕੇ ਨੂੰ ਬੇਦਖਲ ਕਰਦਾ ਹਾਂ।
ਮੈਂ ਪ੍ਰਕਾਸ਼ ਸਿੰਘ ਪੁੱਤਰ ਰਲਾ ਸਿੰਘ ਵਾਸੀ ਪਿੰਡ ਮਾਹਲ ਆਪਣੇ ਪੋਤਰੇ ਨੂੰ ਬੇਦਖਲ ਕਰਦਾ ਹਾਂ।
ਮੈਂ ਜਸਵੀਰ ਕੌਰ ਪਤਨੀ ਹਰਜੀਤ ਸਿੰਘ ਵਾਸੀ ਗਲੀ ਨੰਬਰ 12 ਆਪਣੇ ਪੁੱਤਰ ਨੂੰ ਬੇਦਖਲ ਕਰਦੀ ਹਾਂ।
ਮੈਂ ਕੇਵਲ ਸਿੰਘ ਪੁੱਤਰ ਗਰੀਬ ਸਿੰਘ ਵਾਸੀ ਪਿੰਡ ਸਿੱਖਵਾਲਾ ਆਪਣੇ ਪੁੱਤਰ ਅਤੇ ਨੂੰਹ ਨੂੰ ਬੇਦਖਲ ਕਰਦਾ ਹਾਂ।
ਅਸੀਂ ਗਗਨਦੀਪ ਕੌਰ ਪਤਨੀ ਲਖਵਿੰਦਰ ਸਿੰਘ ਵਾਸੀ ਪਿੰਡ ਢਿੱਲਵਾਂ ਆਪਣੇ ਪੁੱਤਰ ਨੂੰ ਬੇਦਖਲ ਕਰਦੇ ਹਾਂ।
ਮੈਂ ਸੁਖਬੀਰ ਸਿੰਘ ਵਾਸੀ ਪਿੰਡ ਜੰਡਿਆਲਾ ਆਪਣੇ ਪੁੱਤਰ ਨੂੰ ਆਪਣੀ ਜਾਇਦਾਦ ਤੋਂ ਬੇਦਖਲ ਕਰਦਾ ਹਾਂ।
ਮੈਂ ਗੁਰਦੇਵ ਕੌਰ ਪਤਨੀ ਜਗੀਰ ਸਿੰਘ ਵਾਸੀ ਅੰਮ੍ਰਿਤਸਰ ਆਪਣੇ ਪੁੱਤਰ ਨੂੰ ਬੇਦਖਲ ਕਰਦੀ ਹਾਂ।
ਮੈਂ ਬਲਵੀਰ ਸਿੰਘ ਪੁੱਤਰ ਪ੍ਰੀਤਮ ਸਿੰਘ ਵਾਸੀ 1001/3 ਆਪਣੇ ਲੜਕੇ ਨੂੰ ਬੇਦਖਲ ਕਰਦਾ ਹਾਂ।
ਮੈਂ ਨਰਿੰਦਰ ਸਿੰਘ ਵਾਸੀ ਪਿੰਡ ਮਾਨਾਂ ਆਪਣੇ ਪੁੱਤਰ ਅਤੇ ਉਸਦੀ ਪਤਨੀ ਨੂੰ ਬੇਦਖਲ ਕਰਦਾ ਹਾਂ।
ਮੈਂ ਅਮਰਜੀਤ ਸਿੰਘ ਪੁੱਤਰ ਬਚਨ ਸਿੰਘ ਵਾਸੀ ਫਿਰੋਜ਼ਪੁਰ ਆਪਣੇ ਪੁੱਤਰ ਨੂੰ ਬੇਦਖਲ ਕਰਦਾ ਹਾਂ।
ਅਸੀਂ ਸੁਰਜੀਤ ਸਿੰਘ ਅਤੇ ਪਰਮਜੀਤ ਕੌਰ ਵਾਸੀ ਪਿੰਡ ਕਾਲਾ ਆਪਣੇ ਪੁੱਤਰ ਨੂੰ ਬੇਦਖਲ ਕਰਦੇ ਹਾਂ।
ਮੈਂ ਜੋਗਿੰਦਰ ਸਿੰਘ ਵਾਸੀ ਪਿੰਡ ਭੰਗਾਲੀ ਕਲਾਂ ਆਪਣੇ ਪੁੱਤਰ ਨੂੰ ਬੇਦਖਲ ਕਰਦਾ ਹਾਂ।
C·K	C·K
